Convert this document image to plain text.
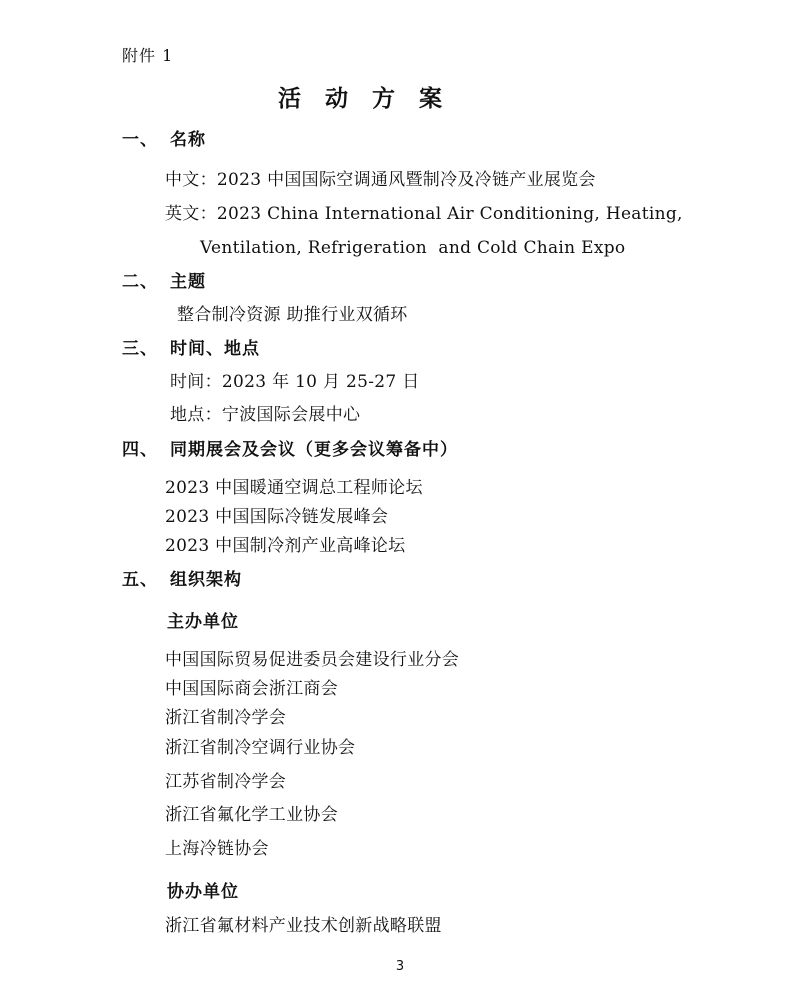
附件 1
活 动 方 案
一、 名称
中文：2023 中国国际空调通风暨制冷及冷链产业展览会
英文：2023 China International Air Conditioning, Heating,
Ventilation, Refrigeration  and Cold Chain Expo
二、 主题
整合制冷资源 助推行业双循环
三、 时间、地点
时间：2023 年 10 月 25-27 日
地点：宁波国际会展中心
四、 同期展会及会议（更多会议筹备中）
2023 中国暖通空调总工程师论坛
2023 中国国际冷链发展峰会
2023 中国制冷剂产业高峰论坛
五、 组织架构
主办单位
中国国际贸易促进委员会建设行业分会
中国国际商会浙江商会
浙江省制冷学会
浙江省制冷空调行业协会
江苏省制冷学会
浙江省氟化学工业协会
上海冷链协会
协办单位
浙江省氟材料产业技术创新战略联盟
3
